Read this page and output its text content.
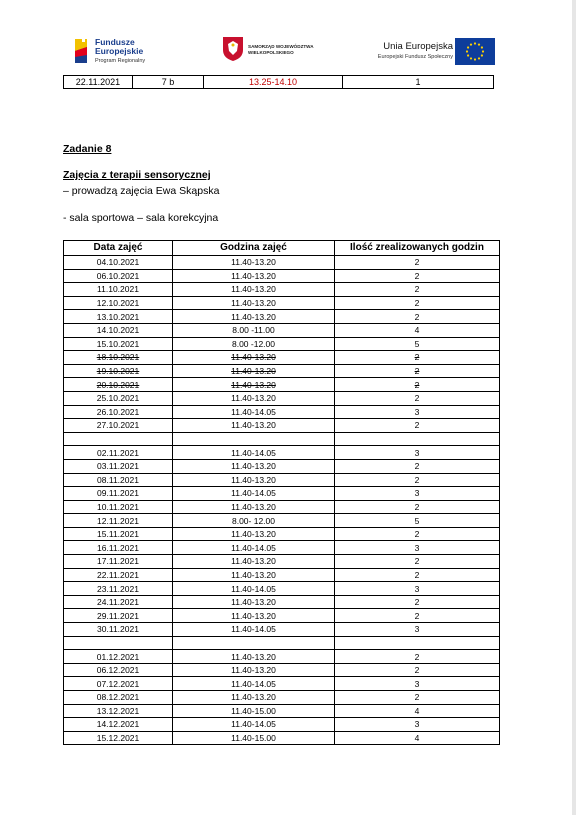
Fundusze
Europejskie
Program Regionalny
SAMORZĄD WOJEWÓDZTWA
WIELKOPOLSKIEGO
Unia Europejska
Europejski Fundusz Społeczny
22.11.2021	7 b	13.25-14.10	1
Zadanie 8
Zajęcia z terapii sensorycznej
– prowadzą zajęcia Ewa Skąpska
- sala sportowa – sala korekcyjna
Data zajęć	Godzina zajęć	Ilość zrealizowanych godzin
04.10.2021	11.40-13.20	2
06.10.2021	11.40-13.20	2
11.10.2021	11.40-13.20	2
12.10.2021	11.40-13.20	2
13.10.2021	11.40-13.20	2
14.10.2021	8.00 -11.00	4
15.10.2021	8.00 -12.00	5
18.10.2021	11.40-13.20	2
19.10.2021	11.40-13.20	2
20.10.2021	11.40-13.20	2
25.10.2021	11.40-13.20	2
26.10.2021	11.40-14.05	3
27.10.2021	11.40-13.20	2

02.11.2021	11.40-14.05	3
03.11.2021	11.40-13.20	2
08.11.2021	11.40-13.20	2
09.11.2021	11.40-14.05	3
10.11.2021	11.40-13.20	2
12.11.2021	8.00- 12.00	5
15.11.2021	11.40-13.20	2
16.11.2021	11.40-14.05	3
17.11.2021	11.40-13.20	2
22.11.2021	11.40-13.20	2
23.11.2021	11.40-14.05	3
24.11.2021	11.40-13.20	2
29.11.2021	11.40-13.20	2
30.11.2021	11.40-14.05	3

01.12.2021	11.40-13.20	2
06.12.2021	11.40-13.20	2
07.12.2021	11.40-14.05	3
08.12.2021	11.40-13.20	2
13.12.2021	11.40-15.00	4
14.12.2021	11.40-14.05	3
15.12.2021	11.40-15.00	4
